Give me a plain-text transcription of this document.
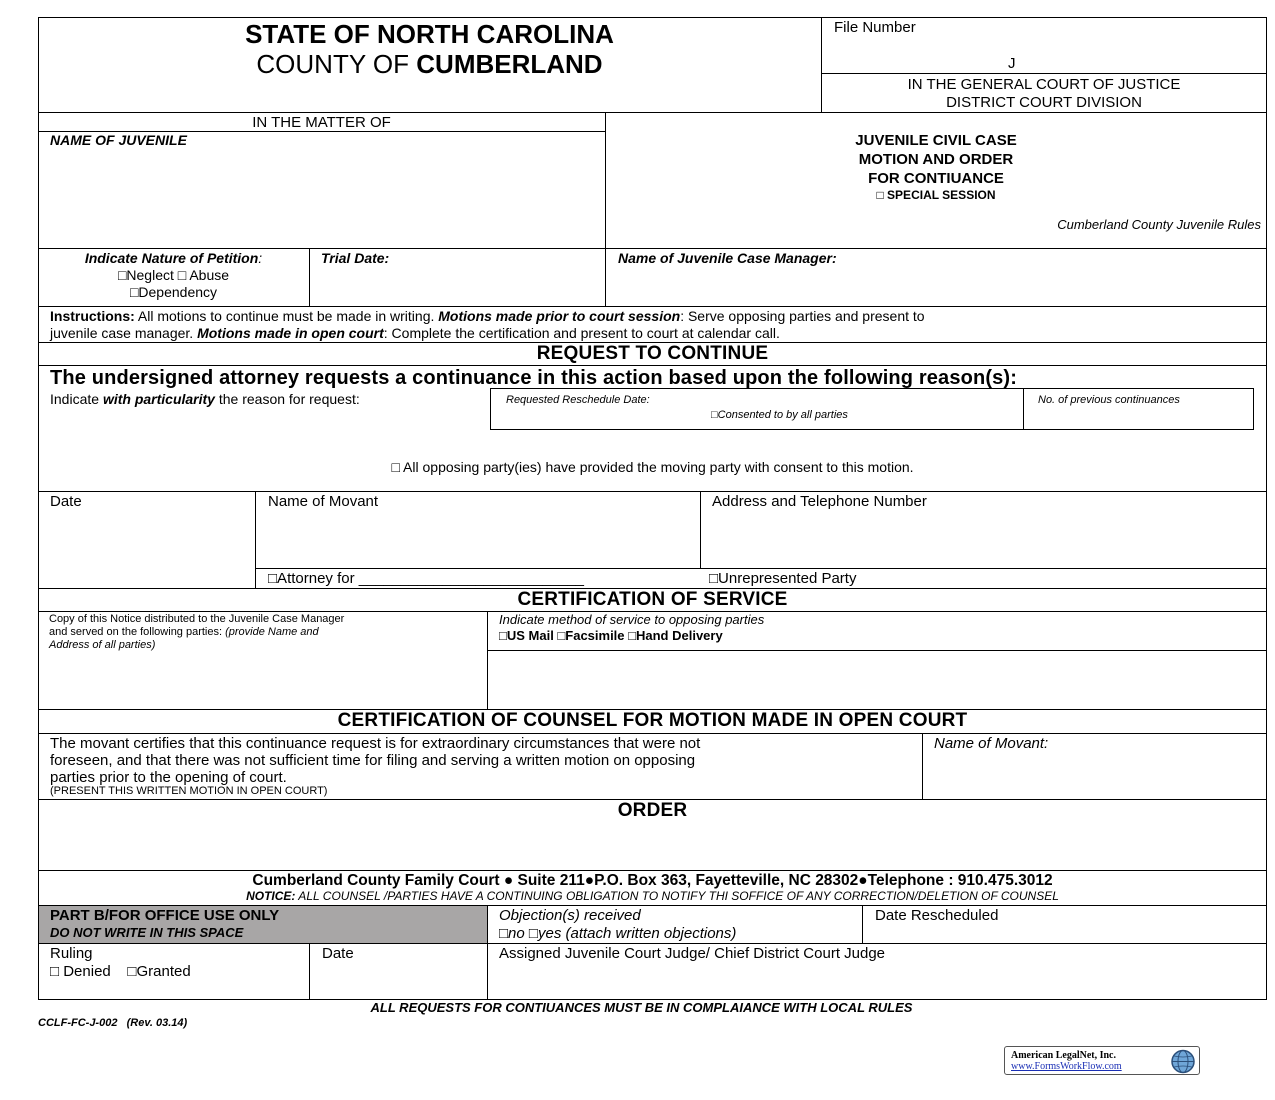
STATE OF NORTH CAROLINA
COUNTY OF CUMBERLAND
File Number
J
IN THE GENERAL COURT OF JUSTICE
DISTRICT COURT DIVISION
IN THE MATTER OF
NAME OF JUVENILE	JUVENILE CIVIL CASE
MOTION AND ORDER
FOR CONTIUANCE
□ SPECIAL SESSION
Cumberland County Juvenile Rules
Indicate Nature of Petition:
□Neglect □ Abuse
□Dependency
Trial Date:	Name of Juvenile Case Manager:
Instructions: All motions to continue must be made in writing. Motions made prior to court session: Serve opposing parties and present to
juvenile case manager. Motions made in open court: Complete the certification and present to court at calendar call.
REQUEST TO CONTINUE
The undersigned attorney requests a continuance in this action based upon the following reason(s):
Indicate with particularity the reason for request:	Requested Reschedule Date:
□Consented to by all parties
No. of previous continuances
□ All opposing party(ies) have provided the moving party with consent to this motion.
Date	Name of Movant	Address and Telephone Number
□Attorney for ___________________________	□Unrepresented Party
CERTIFICATION OF SERVICE
Copy of this Notice distributed to the Juvenile Case Manager
and served on the following parties: (provide Name and
Address of all parties)
Indicate method of service to opposing parties
□US Mail □Facsimile □Hand Delivery
CERTIFICATION OF COUNSEL FOR MOTION MADE IN OPEN COURT
The movant certifies that this continuance request is for extraordinary circumstances that were not
foreseen, and that there was not sufficient time for filing and serving a written motion on opposing
parties prior to the opening of court.
(PRESENT THIS WRITTEN MOTION IN OPEN COURT)
Name of Movant:
ORDER
Cumberland County Family Court ● Suite 211●P.O. Box 363, Fayetteville, NC 28302●Telephone : 910.475.3012
NOTICE: ALL COUNSEL /PARTIES HAVE A CONTINUING OBLIGATION TO NOTIFY THI SOFFICE OF ANY CORRECTION/DELETION OF COUNSEL
PART B/FOR OFFICE USE ONLY
DO NOT WRITE IN THIS SPACE
Objection(s) received
□no □yes (attach written objections)
Date Rescheduled
Ruling
□ Denied    □Granted
Date	Assigned Juvenile Court Judge/ Chief District Court Judge
ALL REQUESTS FOR CONTIUANCES MUST BE IN COMPLAIANCE WITH LOCAL RULES
CCLF-FC-J-002   (Rev. 03.14)
American LegalNet, Inc.
www.FormsWorkFlow.com
